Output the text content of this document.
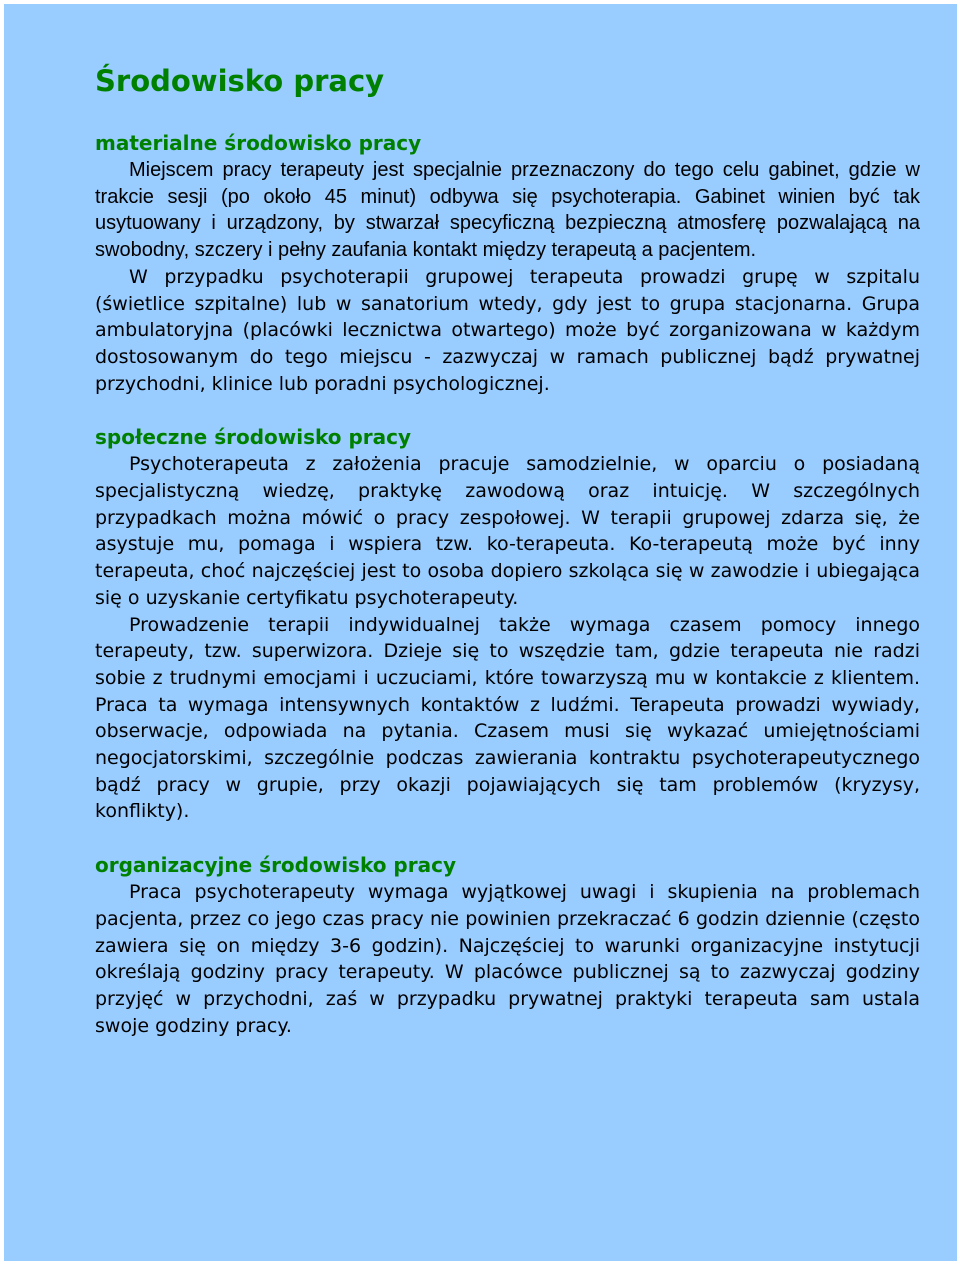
Środowisko pracy
materialne środowisko pracy

Miejscem pracy terapeuty jest specjalnie przeznaczony do tego celu gabinet, gdzie w trakcie sesji (po około 45 minut) odbywa się psychoterapia. Gabinet winien być tak usytuowany i urządzony, by stwarzał specyficzną bezpieczną atmosferę pozwalającą na swobodny, szczery i pełny zaufania kontakt między terapeutą a pacjentem.

W przypadku psychoterapii grupowej terapeuta prowadzi grupę w szpitalu (świetlice szpitalne) lub w sanatorium wtedy, gdy jest to grupa stacjonarna. Grupa ambulatoryjna (placówki lecznictwa otwartego) może być zorganizowana w każdym dostosowanym do tego miejscu - zazwyczaj w ramach publicznej bądź prywatnej przychodni, klinice lub poradni psychologicznej.

społeczne środowisko pracy

Psychoterapeuta z założenia pracuje samodzielnie, w oparciu o posiadaną specjalistyczną wiedzę, praktykę zawodową oraz intuicję. W szczególnych przypadkach można mówić o pracy zespołowej. W terapii grupowej zdarza się, że asystuje mu, pomaga i wspiera tzw. ko-terapeuta. Ko-terapeutą może być inny terapeuta, choć najczęściej jest to osoba dopiero szkoląca się w zawodzie i ubiegająca się o uzyskanie certyfikatu psychoterapeuty.

Prowadzenie terapii indywidualnej także wymaga czasem pomocy innego terapeuty, tzw. superwizora. Dzieje się to wszędzie tam, gdzie terapeuta nie radzi sobie z trudnymi emocjami i uczuciami, które towarzyszą mu w kontakcie z klientem. Praca ta wymaga intensywnych kontaktów z ludźmi. Terapeuta prowadzi wywiady, obserwacje, odpowiada na pytania. Czasem musi się wykazać umiejętnościami negocjatorskimi, szczególnie podczas zawierania kontraktu psychoterapeutycznego bądź pracy w grupie, przy okazji pojawiających się tam problemów (kryzysy, konflikty).

organizacyjne środowisko pracy

Praca psychoterapeuty wymaga wyjątkowej uwagi i skupienia na problemach pacjenta, przez co jego czas pracy nie powinien przekraczać 6 godzin dziennie (często zawiera się on między 3-6 godzin). Najczęściej to warunki organizacyjne instytucji określają godziny pracy terapeuty. W placówce publicznej są to zazwyczaj godziny przyjęć w przychodni, zaś w przypadku prywatnej praktyki terapeuta sam ustala swoje godziny pracy.
